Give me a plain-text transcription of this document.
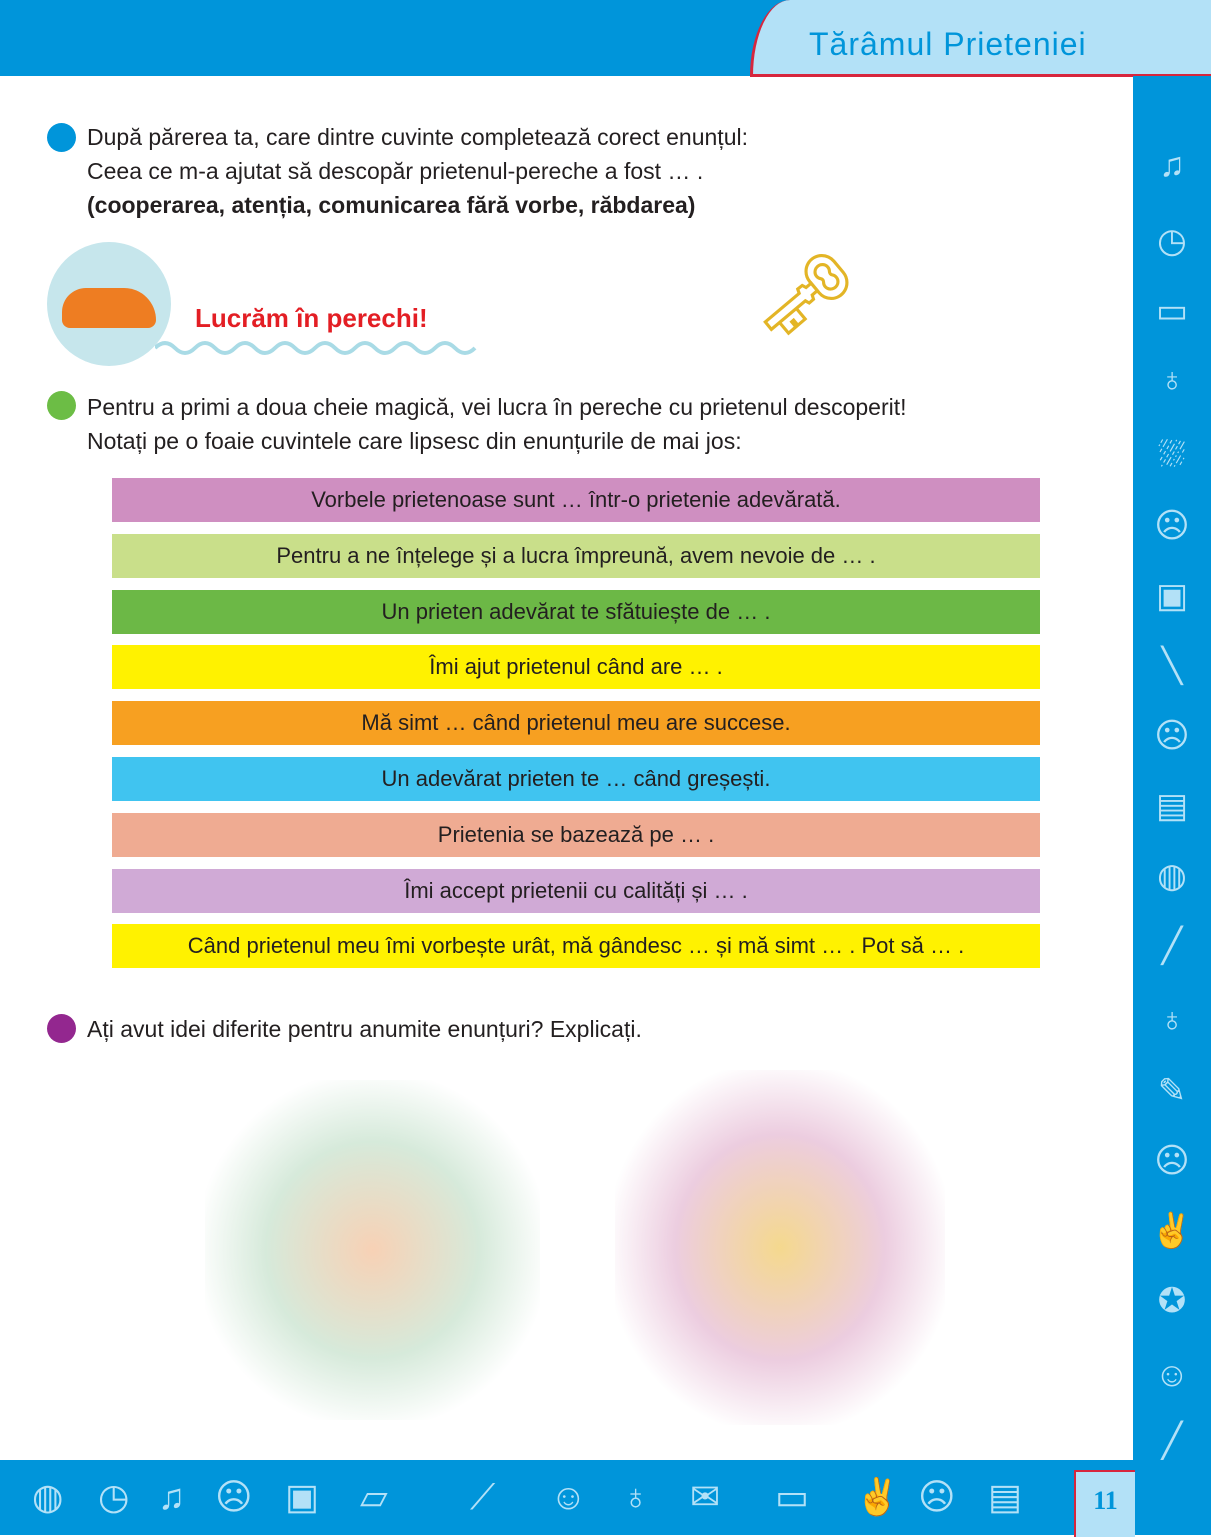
Tărâmul Prieteniei
♫
◷
▭
♁
⛆
☹
▣
╲
☹
▤
◍
╱
♁
✎
☹
✌
✪
☺
╱
◍ ◷ ♫ ☹ ▣ ▱ ⟋ ☺ ♁ ✉ ▭ ✌ ☹ ▤	11
După părerea ta, care dintre cuvinte completează corect enunțul:
Ceea ce m-a ajutat să descopăr prietenul-pereche a fost … .
(cooperarea, atenția, comunicarea fără vorbe, răbdarea)
Lucrăm în perechi!	🗝
Pentru a primi a doua cheie magică, vei lucra în pereche cu prietenul descoperit!
Notați pe o foaie cuvintele care lipsesc din enunțurile de mai jos:
Vorbele prietenoase sunt … într-o prietenie adevărată.
Pentru a ne înțelege și a lucra împreună, avem nevoie de … .
Un prieten adevărat te sfătuiește de … .
Îmi ajut prietenul când are … .
Mă simt … când prietenul meu are succese.
Un adevărat prieten te … când greșești.
Prietenia se bazează pe … .
Îmi accept prietenii cu calități și … .
Când prietenul meu îmi vorbește urât, mă gândesc … și mă simt … . Pot să … .
Ați avut idei diferite pentru anumite enunțuri? Explicați.
